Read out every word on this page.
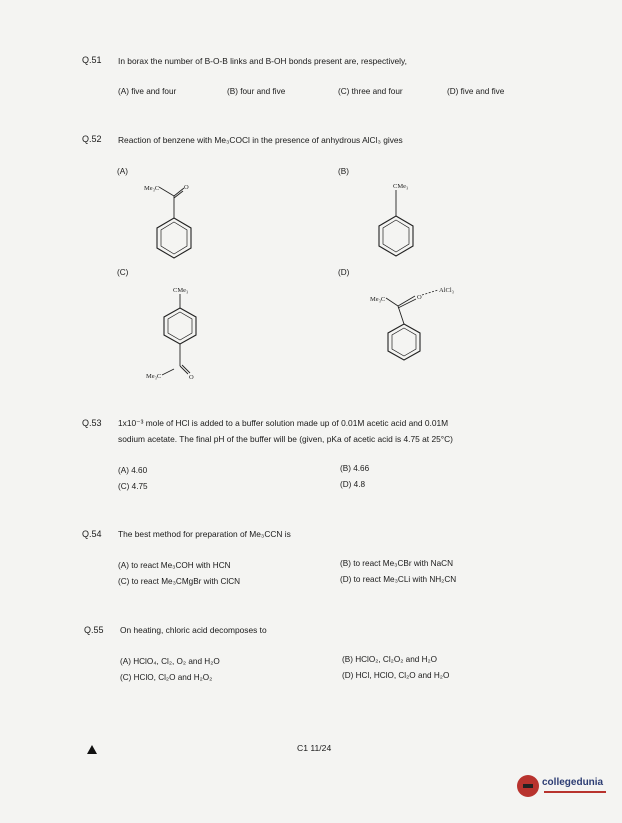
Q.51 In borax the number of B-O-B links and B-OH bonds present are, respectively,
(A) five and four	(B) four and five	(C) three and four	(D) five and five
Q.52 Reaction of benzene with Me₃COCl in the presence of anhydrous AlCl₃ gives
(A)
Me₃C	O
(B)
CMe₃
(C)
CMe₃
Me₃C	O
(D)
AlCl₃
O
Me₃C
Q.53 1x10⁻³ mole of HCl is added to a buffer solution made up of 0.01M acetic acid and 0.01M
sodium acetate. The final pH of the buffer will be (given, pKa of acetic acid is 4.75 at 25°C)
(A) 4.60	(B) 4.66
(C) 4.75	(D) 4.8
Q.54 The best method for preparation of Me₃CCN is
(A) to react Me₃COH with HCN	(B) to react Me₃CBr with NaCN
(C) to react Me₃CMgBr with ClCN	(D) to react Me₃CLi with NH₂CN
Q.55 On heating, chloric acid decomposes to
(A) HClO₄, Cl₂, O₂ and H₂O	(B) HClO₂, Cl₂O₂ and H₂O
(C) HClO, Cl₂O and H₂O₂	(D) HCl, HClO, Cl₂O and H₂O
C1 11/24
collegedunia
